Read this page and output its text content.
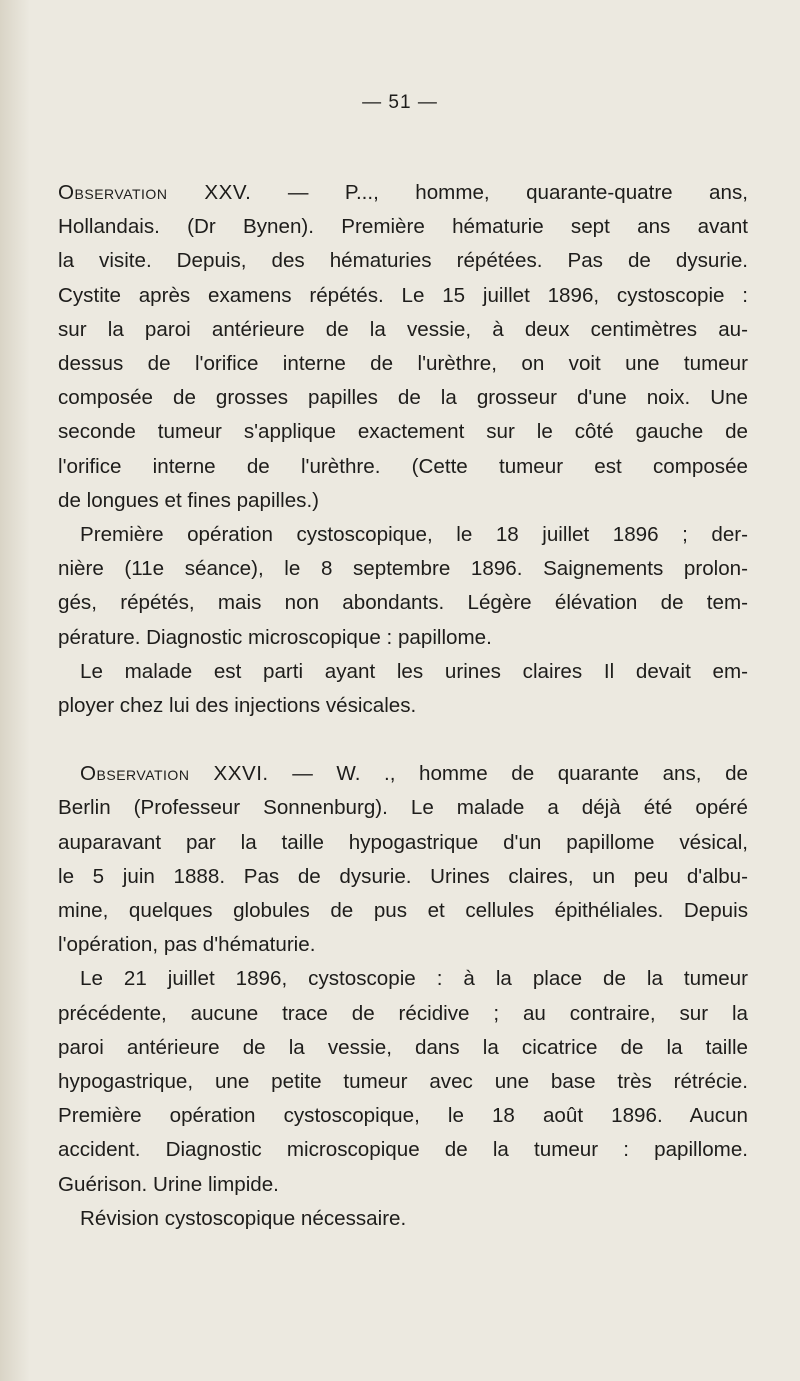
— 51 —
Observation XXV. — P..., homme, quarante-quatre ans,
Hollandais. (Dr Bynen). Première hématurie sept ans avant
la visite. Depuis, des hématuries répétées. Pas de dysurie.
Cystite après examens répétés. Le 15 juillet 1896, cystoscopie :
sur la paroi antérieure de la vessie, à deux centimètres au-
dessus de l'orifice interne de l'urèthre, on voit une tumeur
composée de grosses papilles de la grosseur d'une noix. Une
seconde tumeur s'applique exactement sur le côté gauche de
l'orifice interne de l'urèthre. (Cette tumeur est composée
de longues et fines papilles.)
Première opération cystoscopique, le 18 juillet 1896 ; der-
nière (11e séance), le 8 septembre 1896. Saignements prolon-
gés, répétés, mais non abondants. Légère élévation de tem-
pérature. Diagnostic microscopique : papillome.
Le malade est parti ayant les urines claires Il devait em-
ployer chez lui des injections vésicales.
Observation XXVI. — W. ., homme de quarante ans, de
Berlin (Professeur Sonnenburg). Le malade a déjà été opéré
auparavant par la taille hypogastrique d'un papillome vésical,
le 5 juin 1888. Pas de dysurie. Urines claires, un peu d'albu-
mine, quelques globules de pus et cellules épithéliales. Depuis
l'opération, pas d'hématurie.
Le 21 juillet 1896, cystoscopie : à la place de la tumeur
précédente, aucune trace de récidive ; au contraire, sur la
paroi antérieure de la vessie, dans la cicatrice de la taille
hypogastrique, une petite tumeur avec une base très rétrécie.
Première opération cystoscopique, le 18 août 1896. Aucun
accident. Diagnostic microscopique de la tumeur : papillome.
Guérison. Urine limpide.
Révision cystoscopique nécessaire.
